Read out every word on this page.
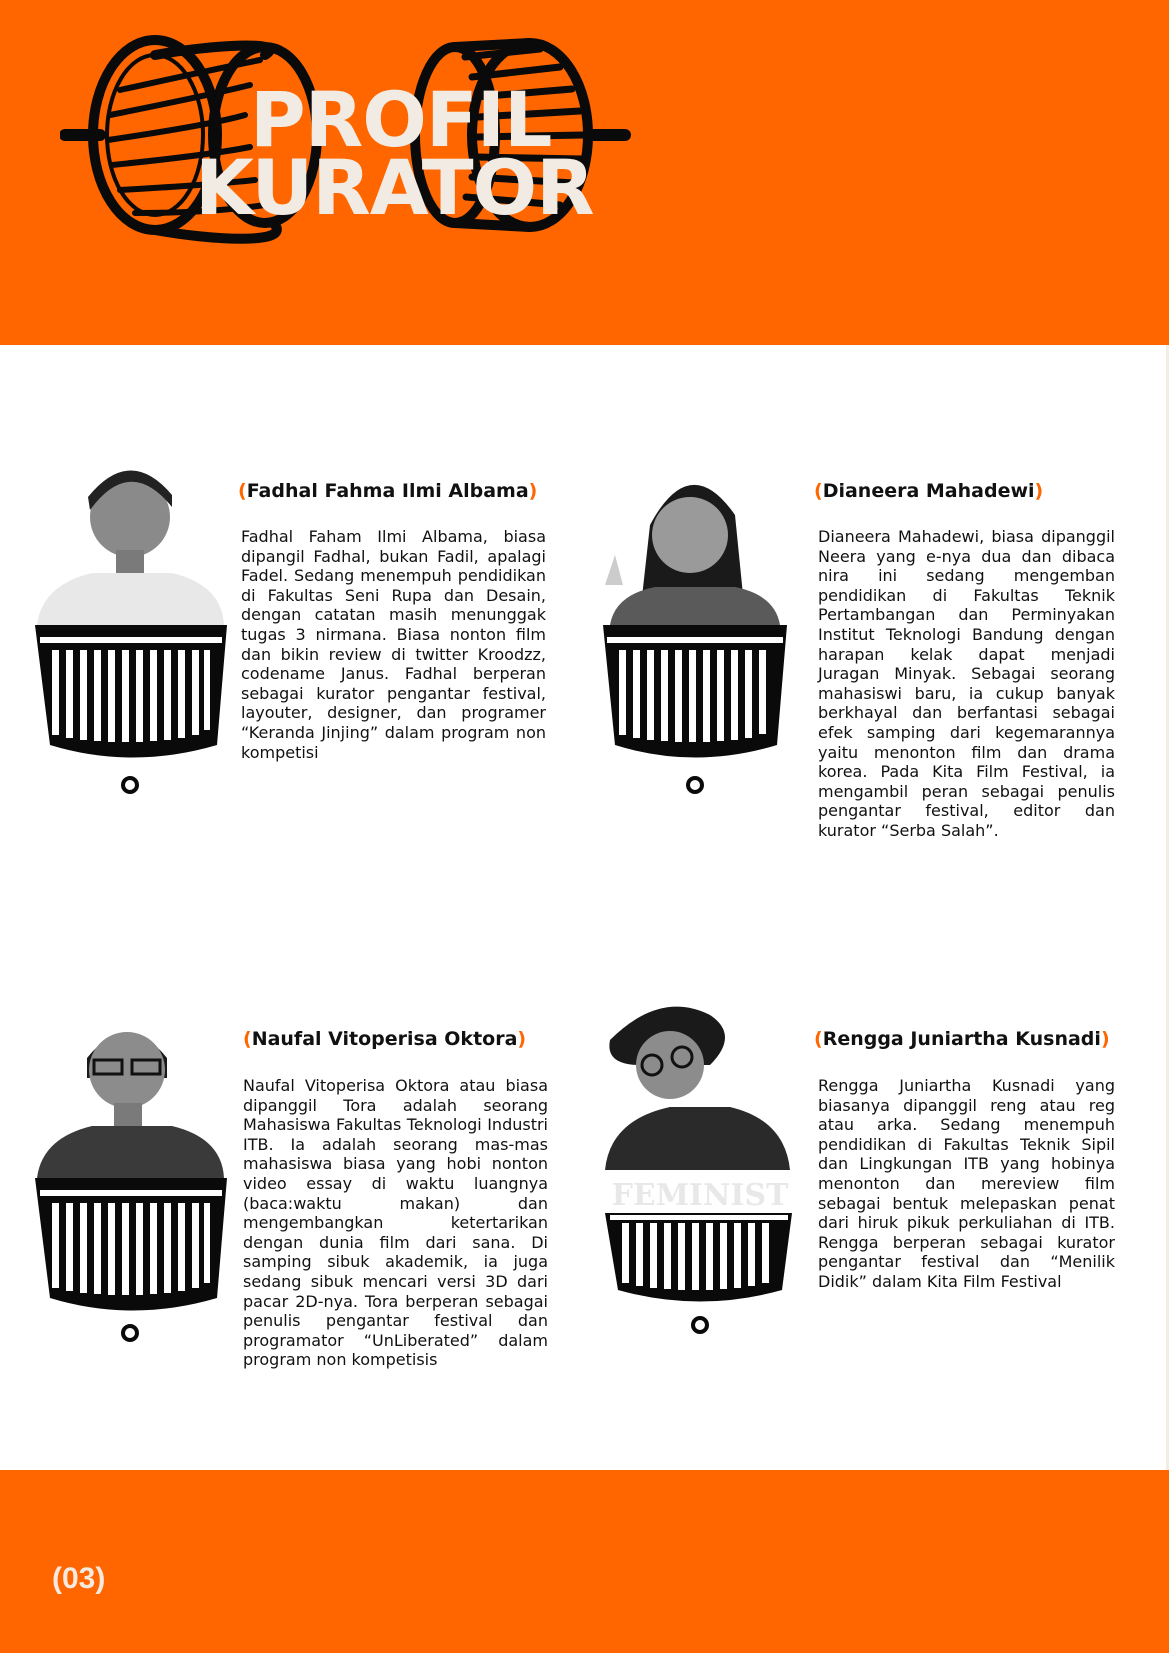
PROFIL
KURATOR
(Fadhal Fahma Ilmi Albama)

Fadhal Faham Ilmi Albama, biasa dipangil Fadhal, bukan Fadil, apalagi Fadel. Sedang menempuh pendidikan di Fakultas Seni Rupa dan Desain, dengan catatan masih menunggak tugas 3 nirmana. Biasa nonton film dan bikin review di twitter Kroodzz, codename Janus. Fadhal berperan sebagai kurator pengantar festival, layouter, designer, dan programer “Keranda Jinjing” dalam program non kompetisi

(Dianeera Mahadewi)

Dianeera Mahadewi, biasa dipanggil Neera yang e-nya dua dan dibaca nira ini sedang mengemban pendidikan di Fakultas Teknik Pertambangan dan Perminyakan Institut Teknologi Bandung dengan harapan kelak dapat menjadi Juragan Minyak. Sebagai seorang mahasiswi baru, ia cukup banyak berkhayal dan berfantasi sebagai efek samping dari kegemarannya yaitu menonton film dan drama korea. Pada Kita Film Festival, ia mengambil peran sebagai penulis pengantar festival, editor dan kurator “Serba Salah”.

(Naufal Vitoperisa Oktora)

Naufal Vitoperisa Oktora atau biasa dipanggil Tora adalah seorang Mahasiswa Fakultas Teknologi Industri ITB. Ia adalah seorang mas-mas mahasiswa biasa yang hobi nonton video essay di waktu luangnya (baca:waktu makan) dan mengembangkan ketertarikan dengan dunia film dari sana. Di samping sibuk akademik, ia juga sedang sibuk mencari versi 3D dari pacar 2D-nya. Tora berperan sebagai penulis pengantar festival dan programator “UnLiberated” dalam program non kompetisis

FEMINIST
(Rengga Juniartha Kusnadi)

Rengga Juniartha Kusnadi yang biasanya dipanggil reng atau reg atau arka. Sedang menempuh pendidikan di Fakultas Teknik Sipil dan Lingkungan ITB yang hobinya menonton dan mereview film sebagai bentuk melepaskan penat dari hiruk pikuk perkuliahan di ITB. Rengga berperan sebagai kurator pengantar festival dan “Menilik Didik” dalam Kita Film Festival

(03)
